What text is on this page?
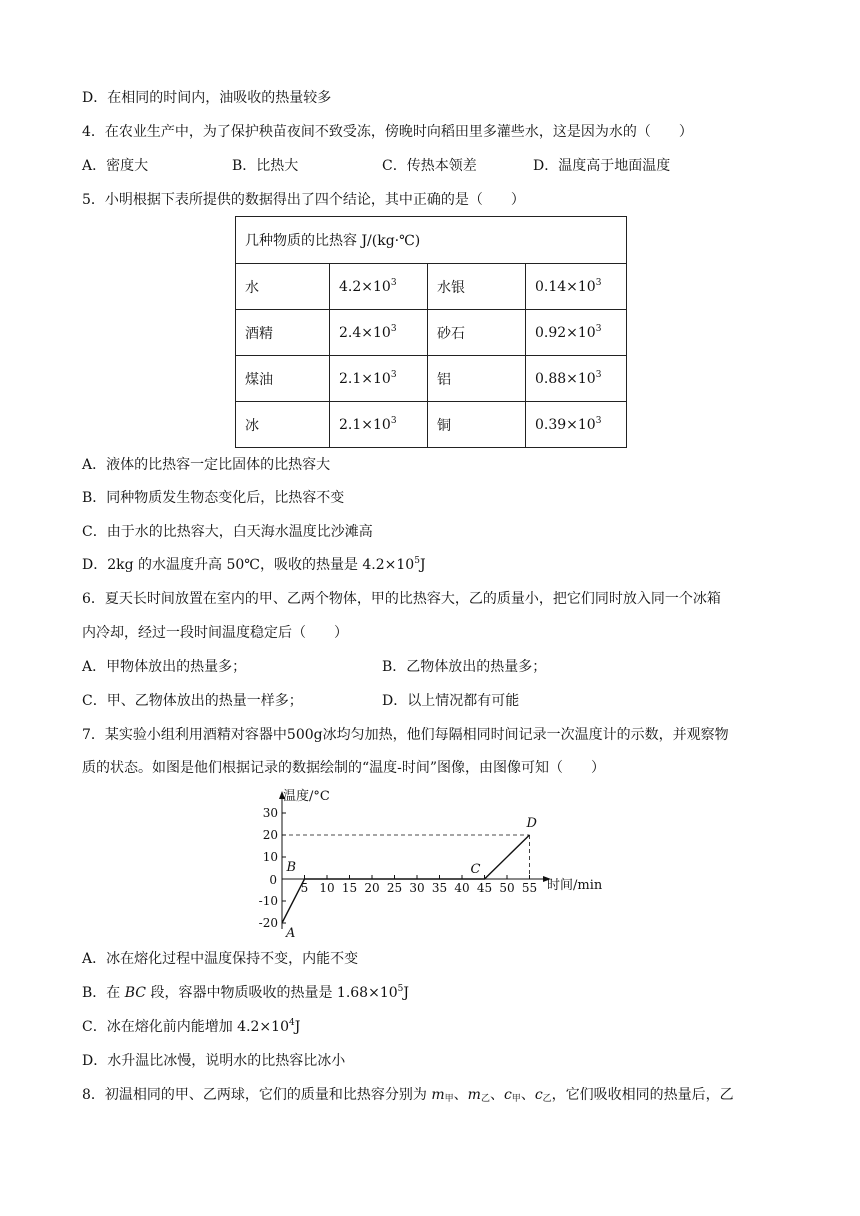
D．在相同的时间内，油吸收的热量较多
4．在农业生产中，为了保护秧苗夜间不致受冻，傍晚时向稻田里多灌些水，这是因为水的（　　）
A．密度大	B．比热大	C．传热本领差	D．温度高于地面温度
5．小明根据下表所提供的数据得出了四个结论，其中正确的是（　　）
几种物质的比热容 J/(kg·℃)			
水	$4.2\times 10^3$	水银	$0.14\times 10^3$
酒精	$2.4\times 10^3$	砂石	$0.92\times 10^3$
煤油	$2.1\times 10^3$	铝	$0.88\times 10^3$
冰	$2.1\times 10^3$	铜	$0.39\times 10^3$
A．液体的比热容一定比固体的比热容大
B．同种物质发生物态变化后，比热容不变
C．由于水的比热容大，白天海水温度比沙滩高
D．2kg 的水温度升高 50℃，吸收的热量是 $4.2\times 10^5J$
6．夏天长时间放置在室内的甲、乙两个物体，甲的比热容大，乙的质量小，把它们同时放入同一个冰箱
内冷却，经过一段时间温度稳定后（　　）
A．甲物体放出的热量多；	B．乙物体放出的热量多；
C．甲、乙物体放出的热量一样多；	D．以上情况都有可能
7．某实验小组利用酒精对容器中500g冰均匀加热，他们每隔相同时间记录一次温度计的示数，并观察物
质的状态。如图是他们根据记录的数据绘制的“温度-时间”图像，由图像可知（　　）
温度/°C
时间/min
0
5 10 15 20 25 30 35 40 45 50 55
30
20
10
-10
-20
A
B	C
D
A．冰在熔化过程中温度保持不变，内能不变
B．在 BC 段，容器中物质吸收的热量是 $1.68\times 10^5J$
C．冰在熔化前内能增加 $4.2\times 10^4J$
D．水升温比冰慢，说明水的比热容比冰小
8．初温相同的甲、乙两球，它们的质量和比热容分别为 $m_甲$、$m_乙$、$c_甲$、$c_乙$，它们吸收相同的热量后，乙
